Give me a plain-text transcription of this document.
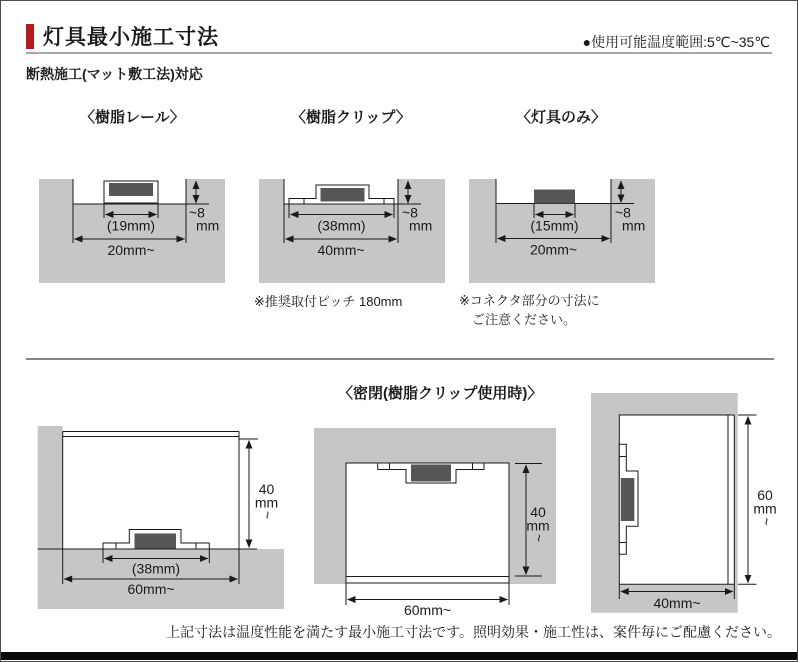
灯具最小施工寸法	●使用可能温度範囲:5℃~35℃
断熱施工(マット敷工法)対応
〈樹脂レール〉	〈樹脂クリップ〉	〈灯具のみ〉
(19mm)
20mm~
~8
mm	(38mm)
40mm~
~8
mm	(15mm)
20mm~
~8
mm
※推奨取付ピッチ 180mm	※コネクタ部分の寸法に
ご注意ください。
〈密閉(樹脂クリップ使用時)〉
(38mm)
60mm~
40
mm
~	40
mm
~
60mm~
60
mm
~
40mm~
上記寸法は温度性能を満たす最小施工寸法です。照明効果・施工性は、案件毎にご配慮ください。
